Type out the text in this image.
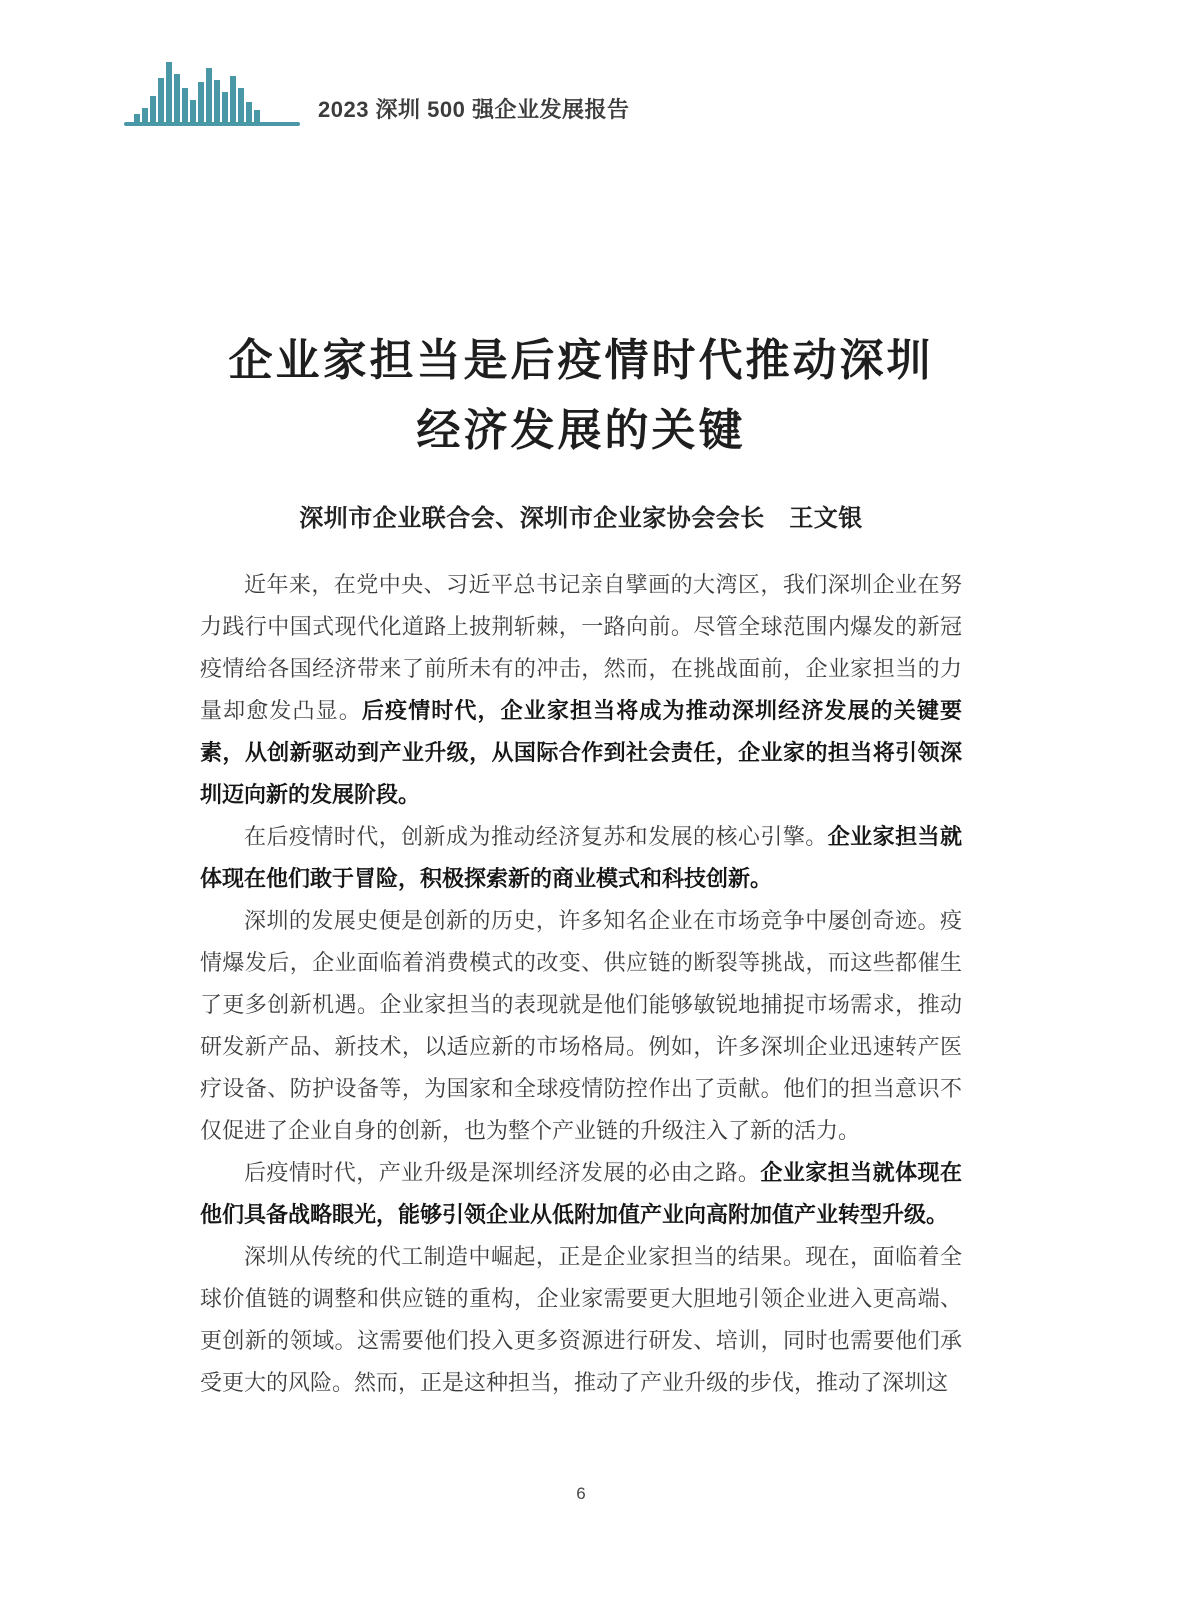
2023 深圳 500 强企业发展报告
企业家担当是后疫情时代推动深圳
经济发展的关键
深圳市企业联合会、深圳市企业家协会会长　王文银

近年来，在党中央、习近平总书记亲自擘画的大湾区，我们深圳企业在努力践行中国式现代化道路上披荆斩棘，一路向前。尽管全球范围内爆发的新冠疫情给各国经济带来了前所未有的冲击，然而，在挑战面前，企业家担当的力量却愈发凸显。后疫情时代，企业家担当将成为推动深圳经济发展的关键要素，从创新驱动到产业升级，从国际合作到社会责任，企业家的担当将引领深圳迈向新的发展阶段。

在后疫情时代，创新成为推动经济复苏和发展的核心引擎。企业家担当就体现在他们敢于冒险，积极探索新的商业模式和科技创新。

深圳的发展史便是创新的历史，许多知名企业在市场竞争中屡创奇迹。疫情爆发后，企业面临着消费模式的改变、供应链的断裂等挑战，而这些都催生了更多创新机遇。企业家担当的表现就是他们能够敏锐地捕捉市场需求，推动研发新产品、新技术，以适应新的市场格局。例如，许多深圳企业迅速转产医疗设备、防护设备等，为国家和全球疫情防控作出了贡献。他们的担当意识不仅促进了企业自身的创新，也为整个产业链的升级注入了新的活力。

后疫情时代，产业升级是深圳经济发展的必由之路。企业家担当就体现在他们具备战略眼光，能够引领企业从低附加值产业向高附加值产业转型升级。

深圳从传统的代工制造中崛起，正是企业家担当的结果。现在，面临着全球价值链的调整和供应链的重构，企业家需要更大胆地引领企业进入更高端、更创新的领域。这需要他们投入更多资源进行研发、培训，同时也需要他们承受更大的风险。然而，正是这种担当，推动了产业升级的步伐，推动了深圳这

6
